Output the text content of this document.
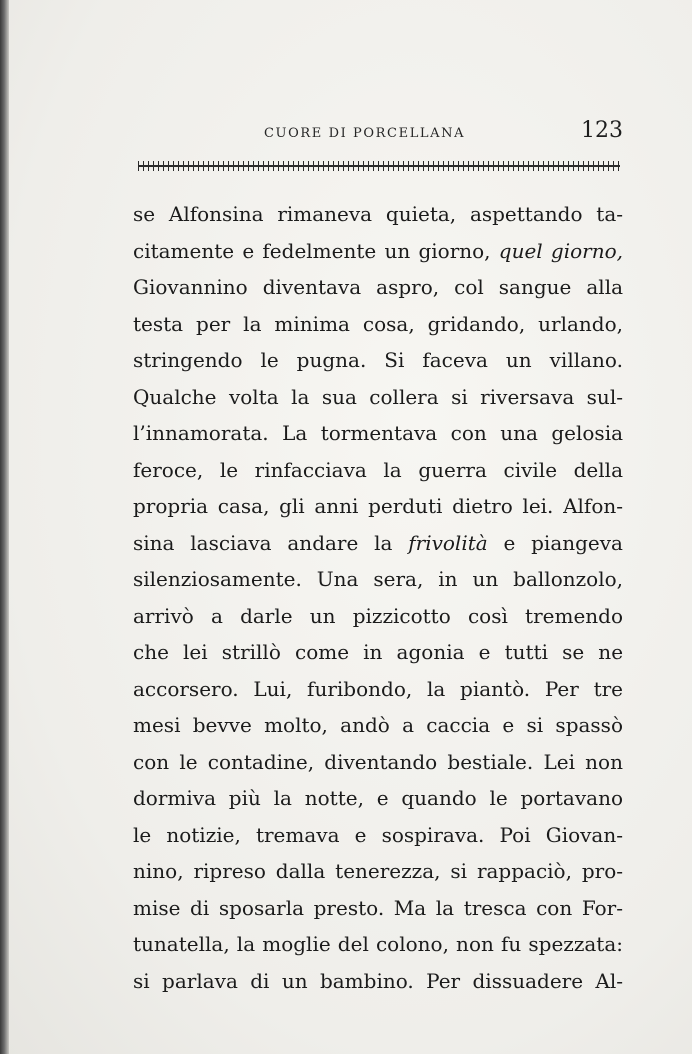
CUORE DI PORCELLANA	123
se Alfonsina rimaneva quieta, aspettando ta-
citamente e fedelmente un giorno, quel giorno,
Giovannino diventava aspro, col sangue alla
testa per la minima cosa, gridando, urlando,
stringendo le pugna. Si faceva un villano.
Qualche volta la sua collera si riversava sul-
l’innamorata. La tormentava con una gelosia
feroce, le rinfacciava la guerra civile della
propria casa, gli anni perduti dietro lei. Alfon-
sina lasciava andare la frivolità e piangeva
silenziosamente. Una sera, in un ballonzolo,
arrivò a darle un pizzicotto così tremendo
che lei strillò come in agonia e tutti se ne
accorsero. Lui, furibondo, la piantò. Per tre
mesi bevve molto, andò a caccia e si spassò
con le contadine, diventando bestiale. Lei non
dormiva più la notte, e quando le portavano
le notizie, tremava e sospirava. Poi Giovan-
nino, ripreso dalla tenerezza, si rappaciò, pro-
mise di sposarla presto. Ma la tresca con For-
tunatella, la moglie del colono, non fu spezzata:
si parlava di un bambino. Per dissuadere Al-
